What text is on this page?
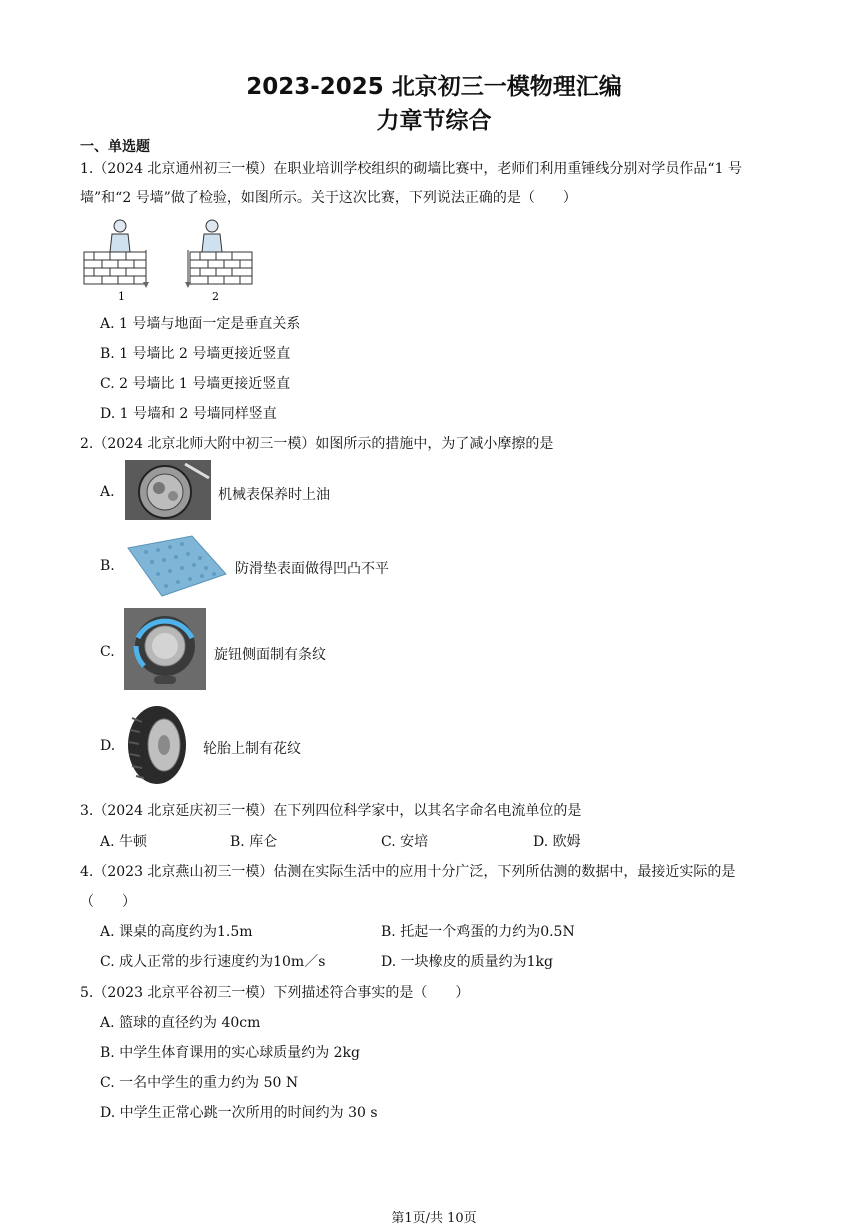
2023-2025 北京初三一模物理汇编
力章节综合
一、单选题
1.（2024 北京通州初三一模）在职业培训学校组织的砌墙比赛中，老师们利用重锤线分别对学员作品“1 号
墙”和“2 号墙”做了检验，如图所示。关于这次比赛，下列说法正确的是（　　）
1	2
A. 1 号墙与地面一定是垂直关系
B. 1 号墙比 2 号墙更接近竖直
C. 2 号墙比 1 号墙更接近竖直
D. 1 号墙和 2 号墙同样竖直
2.（2024 北京北师大附中初三一模）如图所示的措施中，为了减小摩擦的是
A.	机械表保养时上油
B.	防滑垫表面做得凹凸不平
C.	旋钮侧面制有条纹
D.	轮胎上制有花纹
3.（2024 北京延庆初三一模）在下列四位科学家中，以其名字命名电流单位的是
A. 牛顿	B. 库仑	C. 安培	D. 欧姆
4.（2023 北京燕山初三一模）估测在实际生活中的应用十分广泛，下列所估测的数据中，最接近实际的是
（　　）
A. 课桌的高度约为1.5m	B. 托起一个鸡蛋的力约为0.5N
C. 成人正常的步行速度约为10m／s	D. 一块橡皮的质量约为1kg
5.（2023 北京平谷初三一模）下列描述符合事实的是（　　）
A. 篮球的直径约为 40cm
B. 中学生体育课用的实心球质量约为 2kg
C. 一名中学生的重力约为 50 N
D. 中学生正常心跳一次所用的时间约为 30 s
第1页/共 10页
